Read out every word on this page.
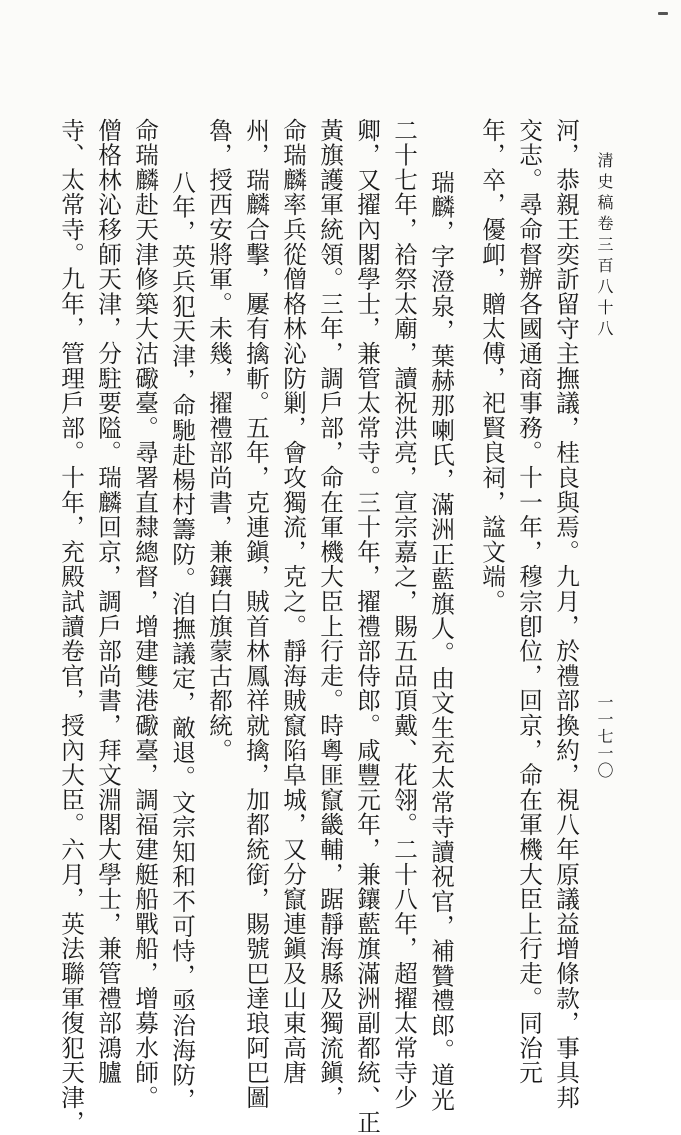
清史稿卷三百八十八
一一七一〇
河，恭親王奕訢留守主撫議，桂良與焉。九月，於禮部換約，視八年原議益增條款，事具邦
交志。尋命督辦各國通商事務。十一年，穆宗卽位，回京，命在軍機大臣上行走。同治元
年，卒，優卹，贈太傅，祀賢良祠，諡文端。
瑞麟，字澄泉，葉赫那喇氏，滿洲正藍旗人。由文生充太常寺讀祝官，補贊禮郎。道光
二十七年，祫祭太廟，讀祝洪亮，宣宗嘉之，賜五品頂戴、花翎。二十八年，超擢太常寺少
卿，又擢內閣學士，兼管太常寺。三十年，擢禮部侍郎。咸豐元年，兼鑲藍旗滿洲副都統、正
黃旗護軍統領。三年，調戶部，命在軍機大臣上行走。時粵匪竄畿輔，踞靜海縣及獨流鎭，
命瑞麟率兵從僧格林沁防剿，會攻獨流，克之。靜海賊竄陷阜城，又分竄連鎭及山東高唐
州，瑞麟合擊，屢有擒斬。五年，克連鎭，賊首林鳳祥就擒，加都統銜，賜號巴達琅阿巴圖
魯，授西安將軍。未幾，擢禮部尚書，兼鑲白旗蒙古都統。
八年，英兵犯天津，命馳赴楊村籌防。洎撫議定，敵退。文宗知和不可恃，亟治海防，
命瑞麟赴天津修築大沽礮臺。尋署直隸總督，增建雙港礮臺，調福建艇船戰船，增募水師。
僧格林沁移師天津，分駐要隘。瑞麟回京，調戶部尚書，拜文淵閣大學士，兼管禮部鴻臚
寺、太常寺。九年，管理戶部。十年，充殿試讀卷官，授內大臣。六月，英法聯軍復犯天津，
